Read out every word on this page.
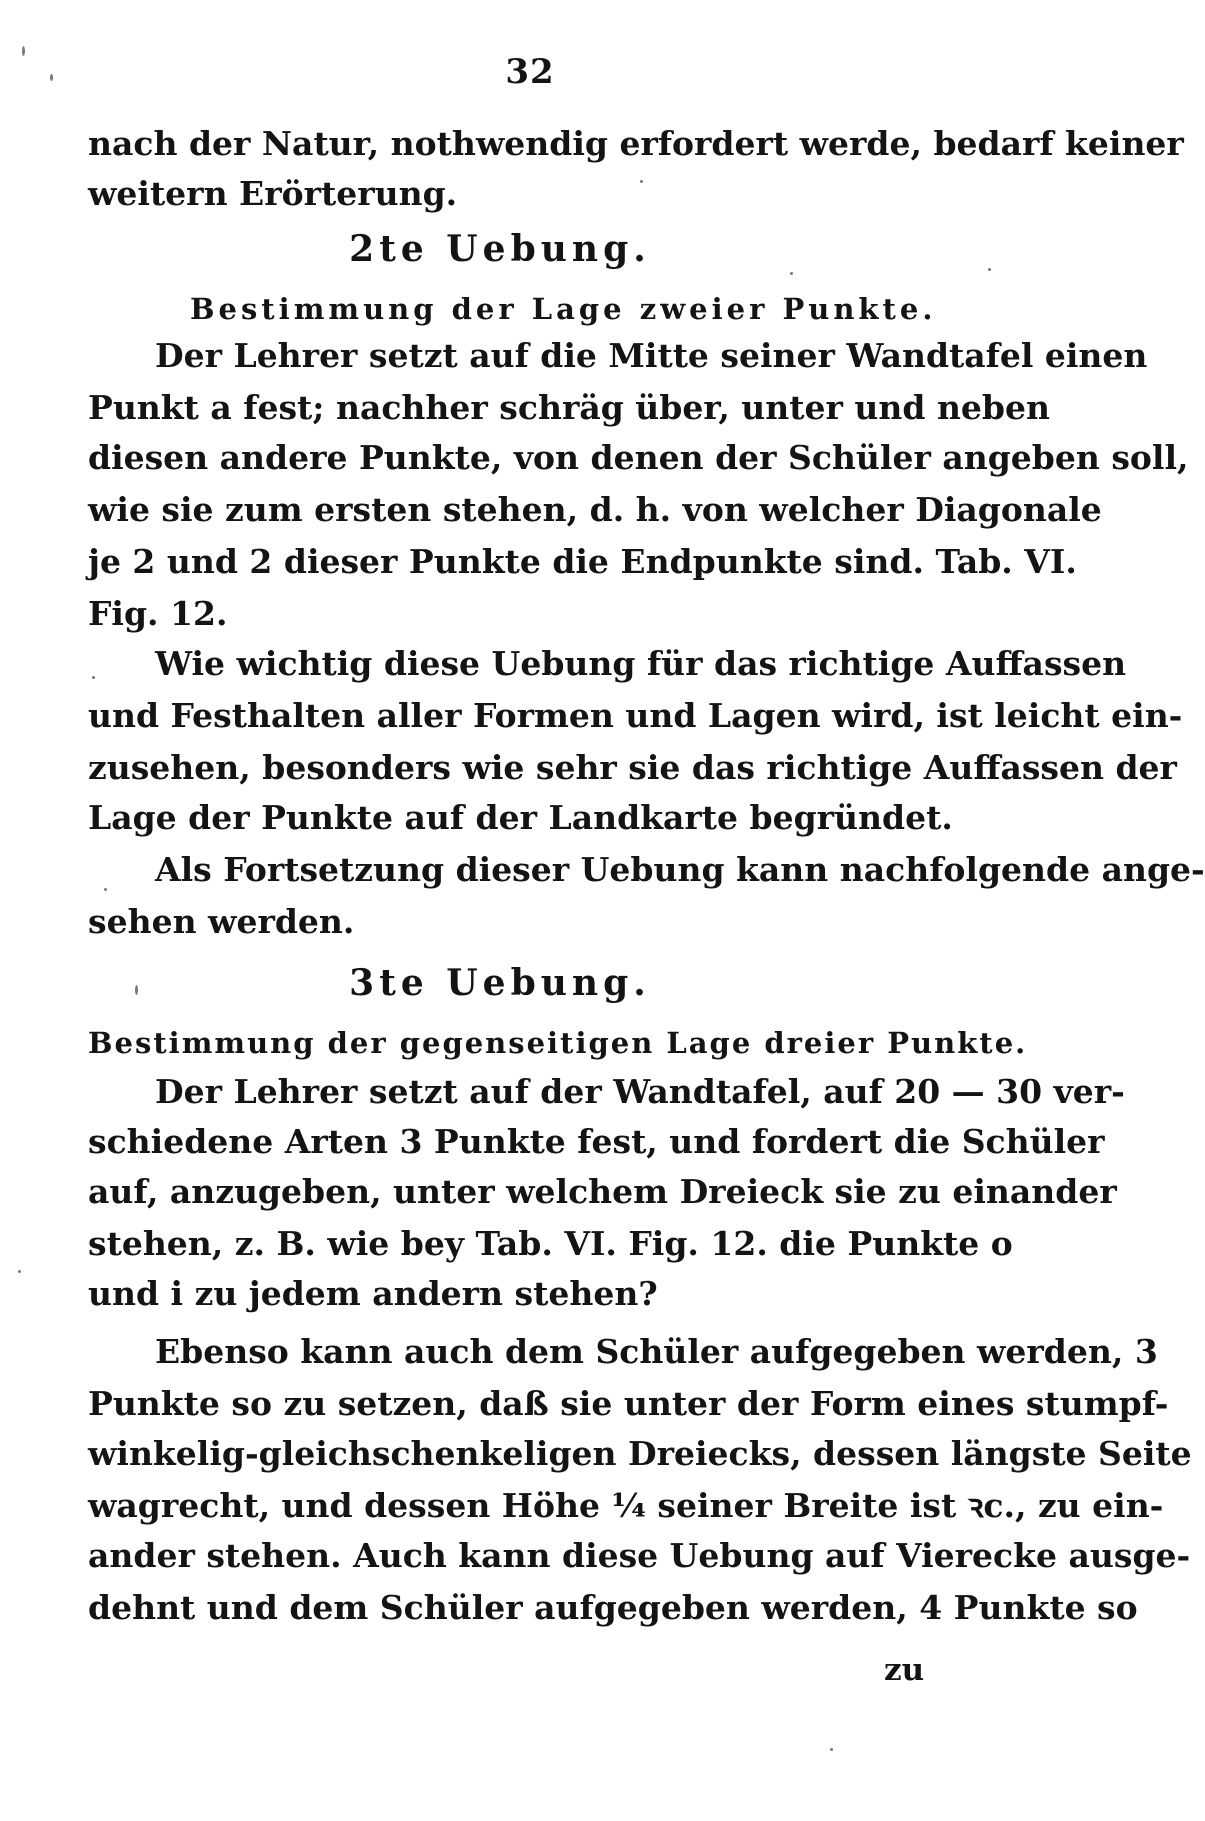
32
nach der Natur, nothwendig erfordert werde, bedarf keiner
weitern Erörterung.
2te Uebung.
Bestimmung der Lage zweier Punkte.
Der Lehrer setzt auf die Mitte seiner Wandtafel einen
Punkt a fest; nachher schräg über, unter und neben
diesen andere Punkte, von denen der Schüler angeben soll,
wie sie zum ersten stehen, d. h. von welcher Diagonale
je 2 und 2 dieser Punkte die Endpunkte sind. Tab. VI.
Fig. 12.
Wie wichtig diese Uebung für das richtige Auffassen
und Festhalten aller Formen und Lagen wird, ist leicht ein-
zusehen, besonders wie sehr sie das richtige Auffassen der
Lage der Punkte auf der Landkarte begründet.
Als Fortsetzung dieser Uebung kann nachfolgende ange-
sehen werden.
3te Uebung.
Bestimmung der gegenseitigen Lage dreier Punkte.
Der Lehrer setzt auf der Wandtafel, auf 20 — 30 ver-
schiedene Arten 3 Punkte fest, und fordert die Schüler
auf, anzugeben, unter welchem Dreieck sie zu einander
stehen, z. B. wie bey Tab. VI. Fig. 12. die Punkte o
und i zu jedem andern stehen?
Ebenso kann auch dem Schüler aufgegeben werden, 3
Punkte so zu setzen, daß sie unter der Form eines stumpf-
winkelig-gleichschenkeligen Dreiecks, dessen längste Seite
wagrecht, und dessen Höhe ¼ seiner Breite ist ꝛc., zu ein-
ander stehen. Auch kann diese Uebung auf Vierecke ausge-
dehnt und dem Schüler aufgegeben werden, 4 Punkte so
zu
